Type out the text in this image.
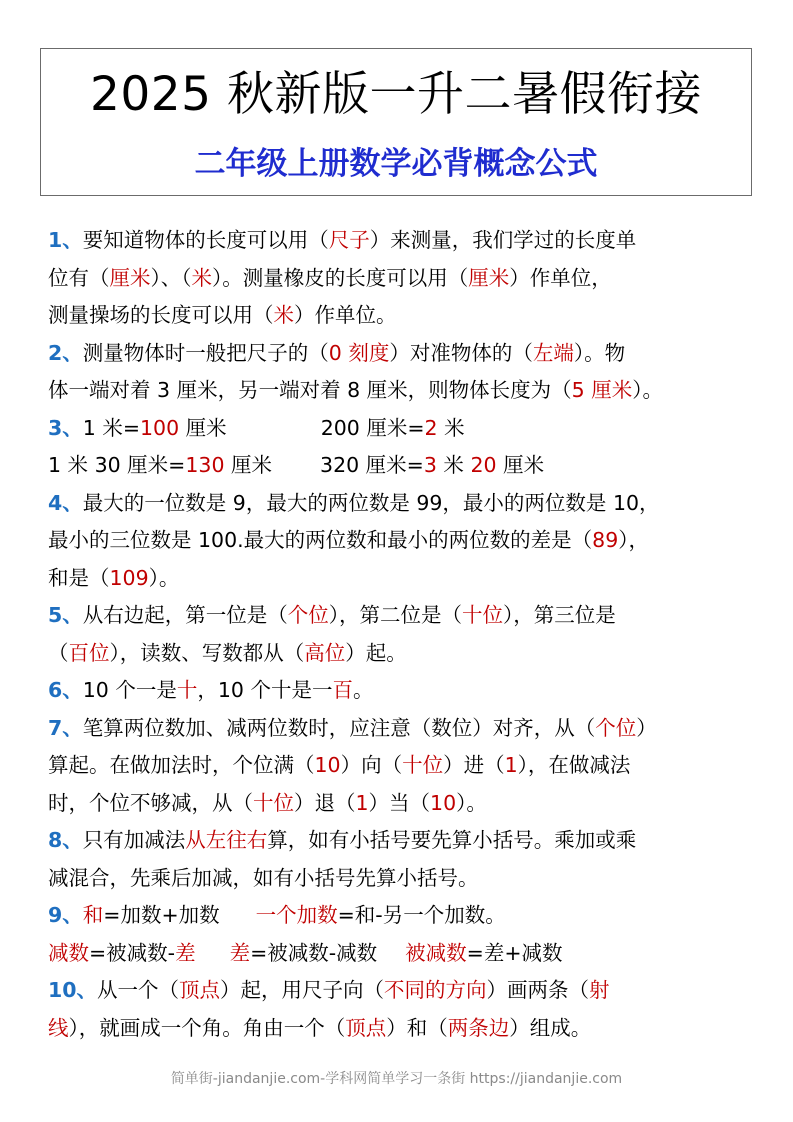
2025 秋新版一升二暑假衔接
二年级上册数学必背概念公式
1、要知道物体的长度可以用（尺子）来测量，我们学过的长度单
位有（厘米）、（米）。测量橡皮的长度可以用（厘米）作单位，
测量操场的长度可以用（米）作单位。
2、测量物体时一般把尺子的（0 刻度）对准物体的（左端）。物
体一端对着 3 厘米，另一端对着 8 厘米，则物体长度为（5 厘米）。
3、1 米=100 厘米	200 厘米=2 米
1 米 30 厘米=130 厘米 320 厘米=3 米 20 厘米
4、最大的一位数是 9，最大的两位数是 99，最小的两位数是 10，
最小的三位数是 100.最大的两位数和最小的两位数的差是（89），
和是（109）。
5、从右边起，第一位是（个位），第二位是（十位），第三位是
（百位），读数、写数都从（高位）起。
6、10 个一是十，10 个十是一百。
7、笔算两位数加、减两位数时，应注意（数位）对齐，从（个位）
算起。在做加法时，个位满（10）向（十位）进（1），在做减法
时，个位不够减，从（十位）退（1）当（10）。
8、只有加减法从左往右算，如有小括号要先算小括号。乘加或乘
减混合，先乘后加减，如有小括号先算小括号。
9、和=加数+加数 一个加数=和-另一个加数。
减数=被减数-差 差=被减数-减数 被减数=差+减数
10、从一个（顶点）起，用尺子向（不同的方向）画两条（射
线），就画成一个角。角由一个（顶点）和（两条边）组成。
简单街-jiandanjie.com-学科网简单学习一条街 https://jiandanjie.com
